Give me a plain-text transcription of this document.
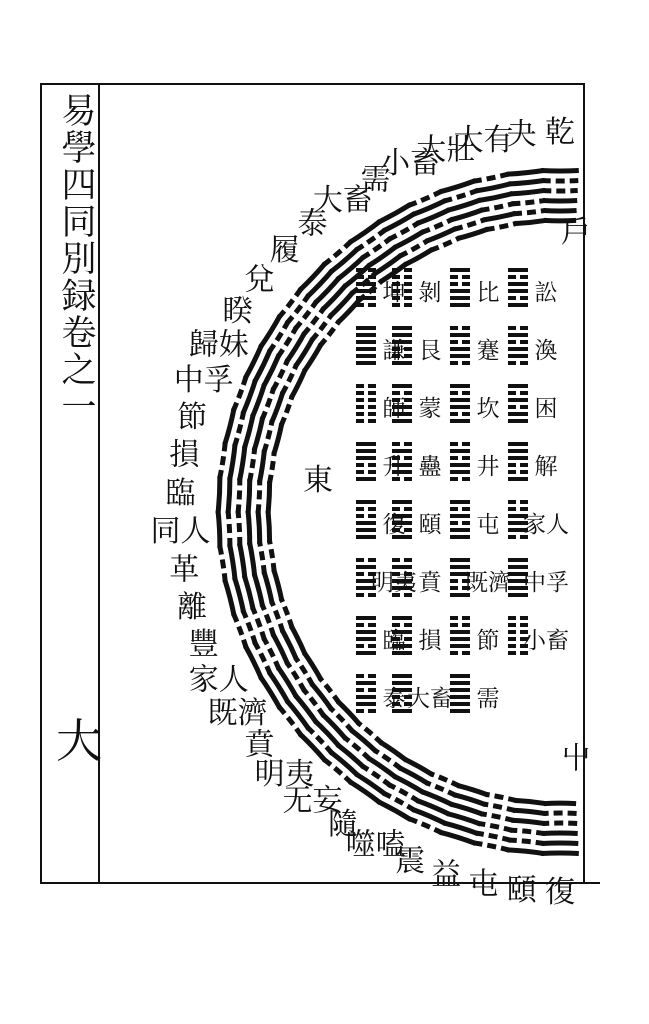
易學四同別録卷之一
大
乾
夬
大有
大壯
小畜
需
大畜
泰
履
兌
睽
歸妹
中孚
節
損
臨
同人
革
離
豐
家人
既濟
賁
明夷
无妄
隨
噬嗑
震 益 屯 頤 復
訟
渙
困
解
家人
中孚
小畜
比
蹇
坎
井
屯
既濟
節
需
剝
艮
蒙
蠱
頤
賁
損
大畜
坤
謙
師
升
復
明夷
臨
泰
東
戶
屮
